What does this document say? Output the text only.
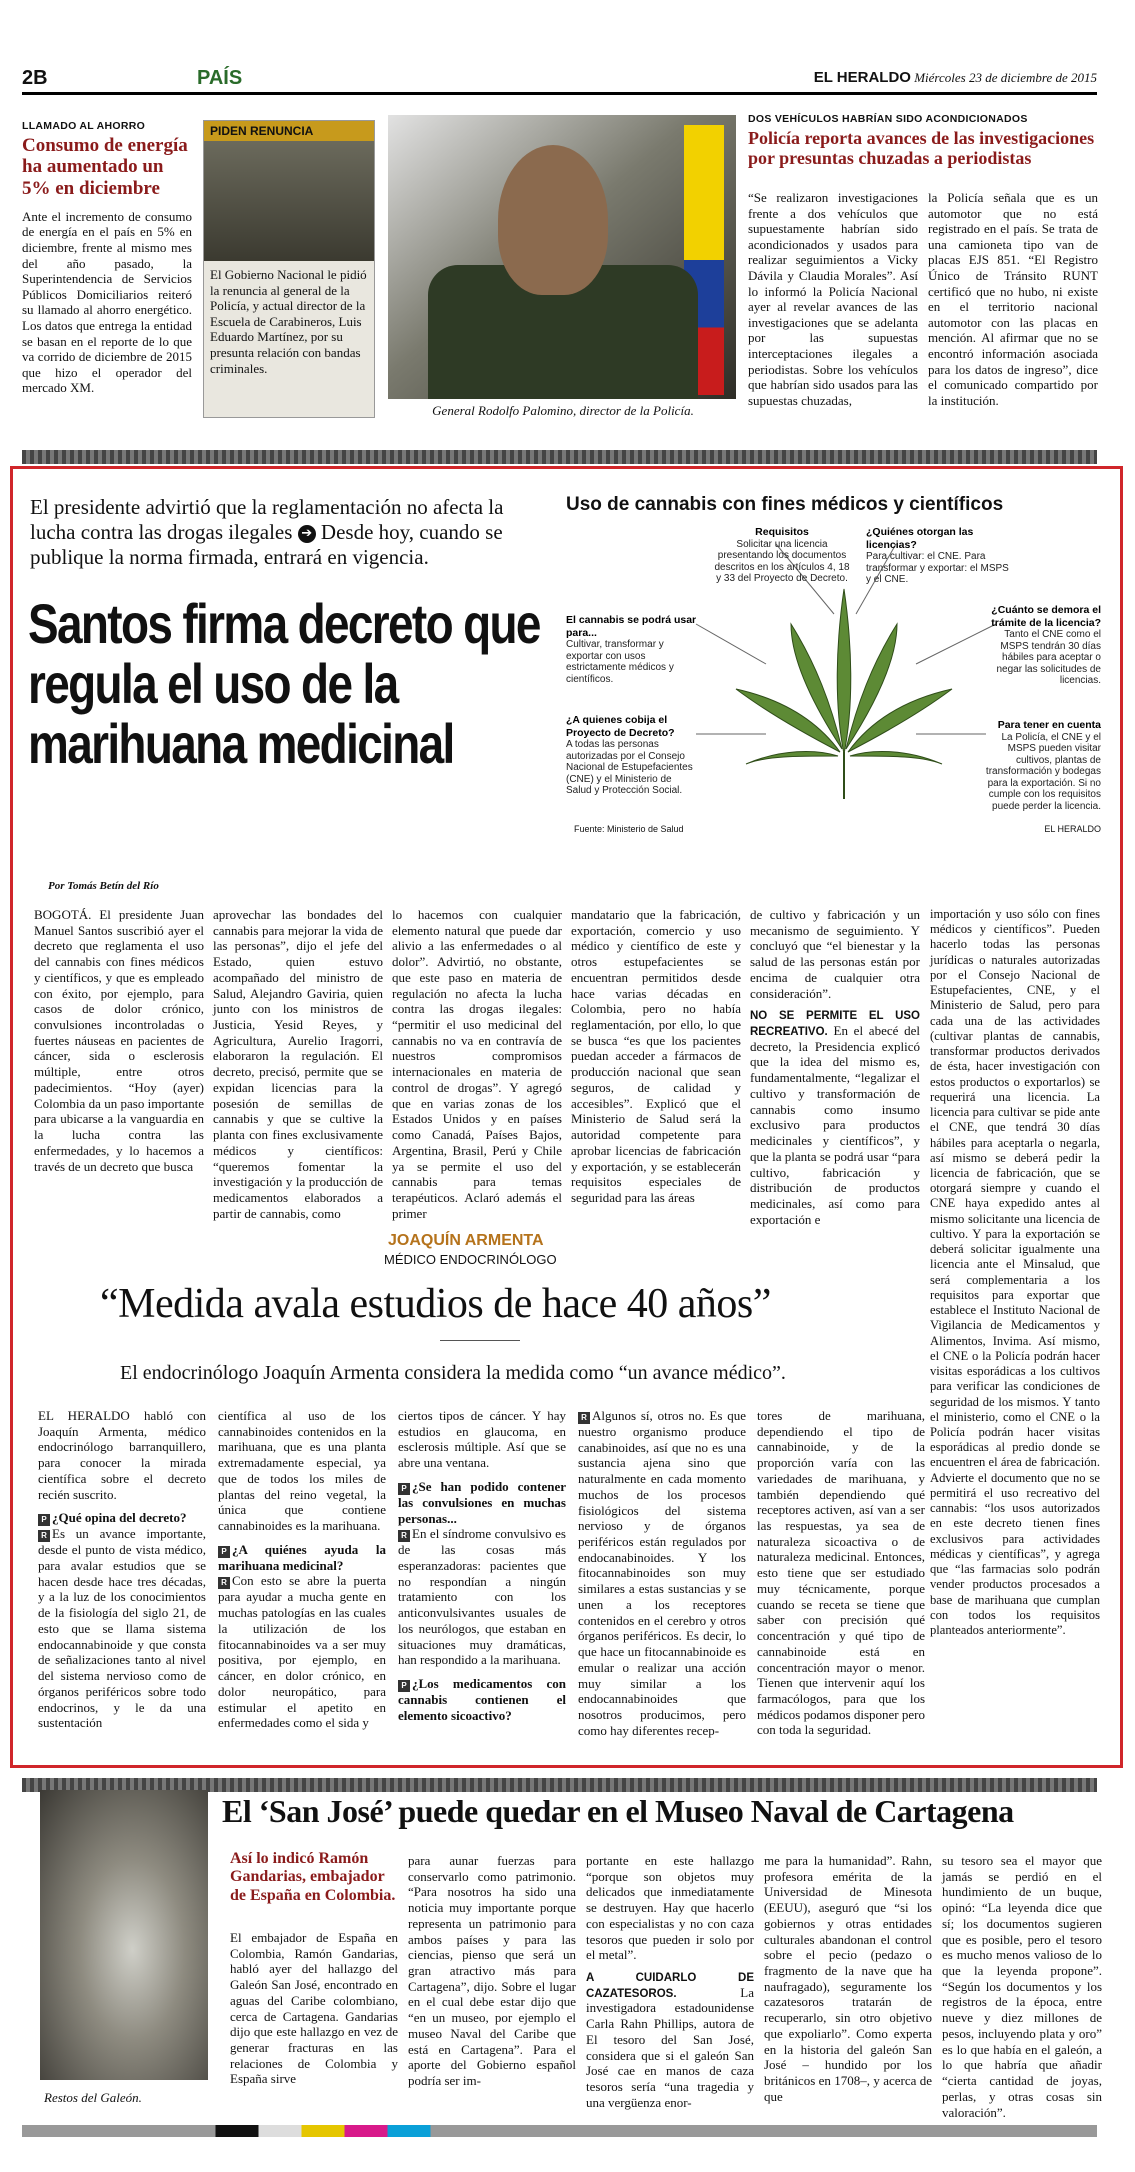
2B	PAÍS	EL HERALDO Miércoles 23 de diciembre de 2015
LLAMADO AL AHORRO
Consumo de energía ha aumentado un 5% en diciembre

Ante el incremento de consumo de energía en el país en 5% en diciembre, frente al mismo mes del año pasado, la Superintendencia de Servicios Públicos Domiciliarios reiteró su llamado al ahorro energético. Los datos que entrega la entidad se basan en el reporte de lo que va corrido de diciembre de 2015 que hizo el operador del mercado XM.

PIDEN RENUNCIA
El Gobierno Nacional le pidió la renuncia al general de la Policía, y actual director de la Escuela de Carabineros, Luis Eduardo Martínez, por su presunta relación con bandas criminales.
General Rodolfo Palomino, director de la Policía.
DOS VEHÍCULOS HABRÍAN SIDO ACONDICIONADOS
Policía reporta avances de las investigaciones por presuntas chuzadas a periodistas

“Se realizaron investigaciones frente a dos vehículos que supuestamente habrían sido acondicionados y usados para realizar seguimientos a Vicky Dávila y Claudia Morales”. Así lo informó la Policía Nacional ayer al revelar avances de las investigaciones que se adelanta por las supuestas interceptaciones ilegales a periodistas. Sobre los vehículos que habrían sido usados para las supuestas chuzadas,

la Policía señala que es un automotor que no está registrado en el país. Se trata de una camioneta tipo van de placas EJS 851. “El Registro Único de Tránsito RUNT certificó que no hubo, ni existe en el territorio nacional automotor con las placas en mención. Al afirmar que no se encontró información asociada para los datos de ingreso”, dice el comunicado compartido por la institución.

El presidente advirtió que la reglamentación no afecta la lucha contra las drogas ilegales ➔ Desde hoy, cuando se publique la norma firmada, entrará en vigencia.
Santos firma decreto que regula el uso de la marihuana medicinal
Uso de cannabis con fines médicos y científicos
Requisitos
Solicitar una licencia presentando los documentos descritos en los artículos 4, 18 y 33 del Proyecto de Decreto.
¿Quiénes otorgan las licencias?
Para cultivar: el CNE. Para transformar y exportar: el MSPS y el CNE.
El cannabis se podrá usar para...
Cultivar, transformar y exportar con usos estrictamente médicos y científicos.
¿Cuánto se demora el trámite de la licencia?
Tanto el CNE como el MSPS tendrán 30 días hábiles para aceptar o negar las solicitudes de licencias.
¿A quienes cobija el Proyecto de Decreto?
A todas las personas autorizadas por el Consejo Nacional de Estupefacientes (CNE) y el Ministerio de Salud y Protección Social.
Para tener en cuenta
La Policía, el CNE y el MSPS pueden visitar cultivos, plantas de transformación y bodegas para la exportación. Si no cumple con los requisitos puede perder la licencia.
Fuente: Ministerio de Salud	EL HERALDO
Por Tomás Betín del Río

BOGOTÁ. El presidente Juan Manuel Santos suscribió ayer el decreto que reglamenta el uso del cannabis con fines médicos y científicos, y que es empleado con éxito, por ejemplo, para casos de dolor crónico, convulsiones incontroladas o fuertes náuseas en pacientes de cáncer, sida o esclerosis múltiple, entre otros padecimientos. “Hoy (ayer) Colombia da un paso importante para ubicarse a la vanguardia en la lucha contra las enfermedades, y lo hacemos a través de un decreto que busca

aprovechar las bondades del cannabis para mejorar la vida de las personas”, dijo el jefe del Estado, quien estuvo acompañado del ministro de Salud, Alejandro Gaviria, quien junto con los ministros de Justicia, Yesid Reyes, y Agricultura, Aurelio Iragorri, elaboraron la regulación. El decreto, precisó, permite que se expidan licencias para la posesión de semillas de cannabis y que se cultive la planta con fines exclusivamente médicos y científicos: “queremos fomentar la investigación y la producción de medicamentos elaborados a partir de cannabis, como

lo hacemos con cualquier elemento natural que puede dar alivio a las enfermedades o al dolor”. Advirtió, no obstante, que este paso en materia de regulación no afecta la lucha contra las drogas ilegales: “permitir el uso medicinal del cannabis no va en contravía de nuestros compromisos internacionales en materia de control de drogas”. Y agregó que en varias zonas de los Estados Unidos y en países como Canadá, Países Bajos, Argentina, Brasil, Perú y Chile ya se permite el uso del cannabis para temas terapéuticos. Aclaró además el primer

mandatario que la fabricación, exportación, comercio y uso médico y científico de este y otros estupefacientes se encuentran permitidos desde hace varias décadas en Colombia, pero no había reglamentación, por ello, lo que se busca “es que los pacientes puedan acceder a fármacos de producción nacional que sean seguros, de calidad y accesibles”. Explicó que el Ministerio de Salud será la autoridad competente para aprobar licencias de fabricación y exportación, y se establecerán requisitos especiales de seguridad para las áreas

de cultivo y fabricación y un mecanismo de seguimiento. Y concluyó que “el bienestar y la salud de las personas están por encima de cualquier otra consideración”.

NO SE PERMITE EL USO RECREATIVO. En el abecé del decreto, la Presidencia explicó que la idea del mismo es, fundamentalmente, “legalizar el cultivo y transformación de cannabis como insumo exclusivo para productos medicinales y científicos”, y que la planta se podrá usar “para cultivo, fabricación y distribución de productos medicinales, así como para exportación e

importación y uso sólo con fines médicos y científicos”. Pueden hacerlo todas las personas jurídicas o naturales autorizadas por el Consejo Nacional de Estupefacientes, CNE, y el Ministerio de Salud, pero para cada una de las actividades (cultivar plantas de cannabis, transformar productos derivados de ésta, hacer investigación con estos productos o exportarlos) se requerirá una licencia. La licencia para cultivar se pide ante el CNE, que tendrá 30 días hábiles para aceptarla o negarla, así mismo se deberá pedir la licencia de fabricación, que se otorgará siempre y cuando el CNE haya expedido antes al mismo solicitante una licencia de cultivo. Y para la exportación se deberá solicitar igualmente una licencia ante el Minsalud, que será complementaria a los requisitos para exportar que establece el Instituto Nacional de Vigilancia de Medicamentos y Alimentos, Invima. Así mismo, el CNE o la Policía podrán hacer visitas esporádicas a los cultivos para verificar las condiciones de seguridad de los mismos. Y tanto el ministerio, como el CNE o la Policía podrán hacer visitas esporádicas al predio donde se encuentren el área de fabricación. Advierte el documento que no se permitirá el uso recreativo del cannabis: “los usos autorizados en este decreto tienen fines exclusivos para actividades médicas y científicas”, y agrega que “las farmacias solo podrán vender productos procesados a base de marihuana que cumplan con todos los requisitos planteados anteriormente”.

JOAQUÍN ARMENTA
MÉDICO ENDOCRINÓLOGO
“Medida avala estudios de hace 40 años”
El endocrinólogo Joaquín Armenta considera la medida como “un avance médico”.

EL HERALDO habló con Joaquín Armenta, médico endocrinólogo barranquillero, para conocer la mirada científica sobre el decreto recién suscrito.

P ¿Qué opina del decreto?

R Es un avance importante, desde el punto de vista médico, para avalar estudios que se hacen desde hace tres décadas, y a la luz de los conocimientos de la fisiología del siglo 21, de esto que se llama sistema endocannabinoide y que consta de señalizaciones tanto al nivel del sistema nervioso como de órganos periféricos sobre todo endocrinos, y le da una sustentación

científica al uso de los cannabinoides contenidos en la marihuana, que es una planta extremadamente especial, ya que de todos los miles de plantas del reino vegetal, la única que contiene cannabinoides es la marihuana.

P ¿A quiénes ayuda la marihuana medicinal?

R Con esto se abre la puerta para ayudar a mucha gente en muchas patologías en las cuales la utilización de los fitocannabinoides va a ser muy positiva, por ejemplo, en cáncer, en dolor crónico, en dolor neuropático, para estimular el apetito en enfermedades como el sida y

ciertos tipos de cáncer. Y hay estudios en glaucoma, en esclerosis múltiple. Así que se abre una ventana.

P ¿Se han podido contener las convulsiones en muchas personas...

R En el síndrome convulsivo es de las cosas más esperanzadoras: pacientes que no respondían a ningún tratamiento con los anticonvulsivantes usuales de los neurólogos, que estaban en situaciones muy dramáticas, han respondido a la marihuana.

P ¿Los medicamentos con cannabis contienen el elemento sicoactivo?

R Algunos sí, otros no. Es que nuestro organismo produce canabinoides, así que no es una sustancia ajena sino que naturalmente en cada momento muchos de los procesos fisiológicos del sistema nervioso y de órganos periféricos están regulados por endocanabinoides. Y los fitocannabinoides son muy similares a estas sustancias y se unen a los receptores contenidos en el cerebro y otros órganos periféricos. Es decir, lo que hace un fitocannabinoide es emular o realizar una acción muy similar a los endocannabinoides que nosotros producimos, pero como hay diferentes recep-

tores de marihuana, dependiendo el tipo de cannabinoide, y de la proporción varía con las variedades de marihuana, y también dependiendo qué receptores activen, así van a ser las respuestas, ya sea de naturaleza sicoactiva o de naturaleza medicinal. Entonces, esto tiene que ser estudiado muy técnicamente, porque cuando se receta se tiene que saber con precisión qué concentración y qué tipo de cannabinoide está en concentración mayor o menor. Tienen que intervenir aquí los farmacólogos, para que los médicos podamos disponer pero con toda la seguridad.

Restos del Galeón.
El ‘San José’ puede quedar en el Museo Naval de Cartagena
Así lo indicó Ramón Gandarias, embajador de España en Colombia.

El embajador de España en Colombia, Ramón Gandarias, habló ayer del hallazgo del Galeón San José, encontrado en aguas del Caribe colombiano, cerca de Cartagena. Gandarias dijo que este hallazgo en vez de generar fracturas en las relaciones de Colombia y España sirve

para aunar fuerzas para conservarlo como patrimonio. “Para nosotros ha sido una noticia muy importante porque representa un patrimonio para ambos países y para las ciencias, pienso que será un gran atractivo más para Cartagena”, dijo. Sobre el lugar en el cual debe estar dijo que “en un museo, por ejemplo el museo Naval del Caribe que está en Cartagena”. Para el aporte del Gobierno español podría ser im-

portante en este hallazgo “porque son objetos muy delicados que inmediatamente se destruyen. Hay que hacerlo con especialistas y no con caza tesoros que pueden ir solo por el metal”.

A CUIDARLO DE CAZATESOROS.	La investigadora estadounidense Carla Rahn Phillips, autora de El tesoro del San José, considera que si el galeón San José cae en manos de caza tesoros sería “una tragedia y una vergüenza enor-

me para la humanidad”. Rahn, profesora emérita de la Universidad de Minesota (EEUU), aseguró que “si los gobiernos y otras entidades culturales abandonan el control sobre el pecio (pedazo o fragmento de la nave que ha naufragado), seguramente los cazatesoros tratarán de recuperarlo, sin otro objetivo que expoliarlo”. Como experta en la historia del galeón San José – hundido por los británicos en 1708–, y acerca de que

su tesoro sea el mayor que jamás se perdió en el hundimiento de un buque, opinó: “La leyenda dice que sí; los documentos sugieren que es posible, pero el tesoro es mucho menos valioso de lo que la leyenda propone”. “Según los documentos y los registros de la época, entre nueve y diez millones de pesos, incluyendo plata y oro” es lo que había en el galeón, a lo que habría que añadir “cierta cantidad de joyas, perlas, y otras cosas sin valoración”.
